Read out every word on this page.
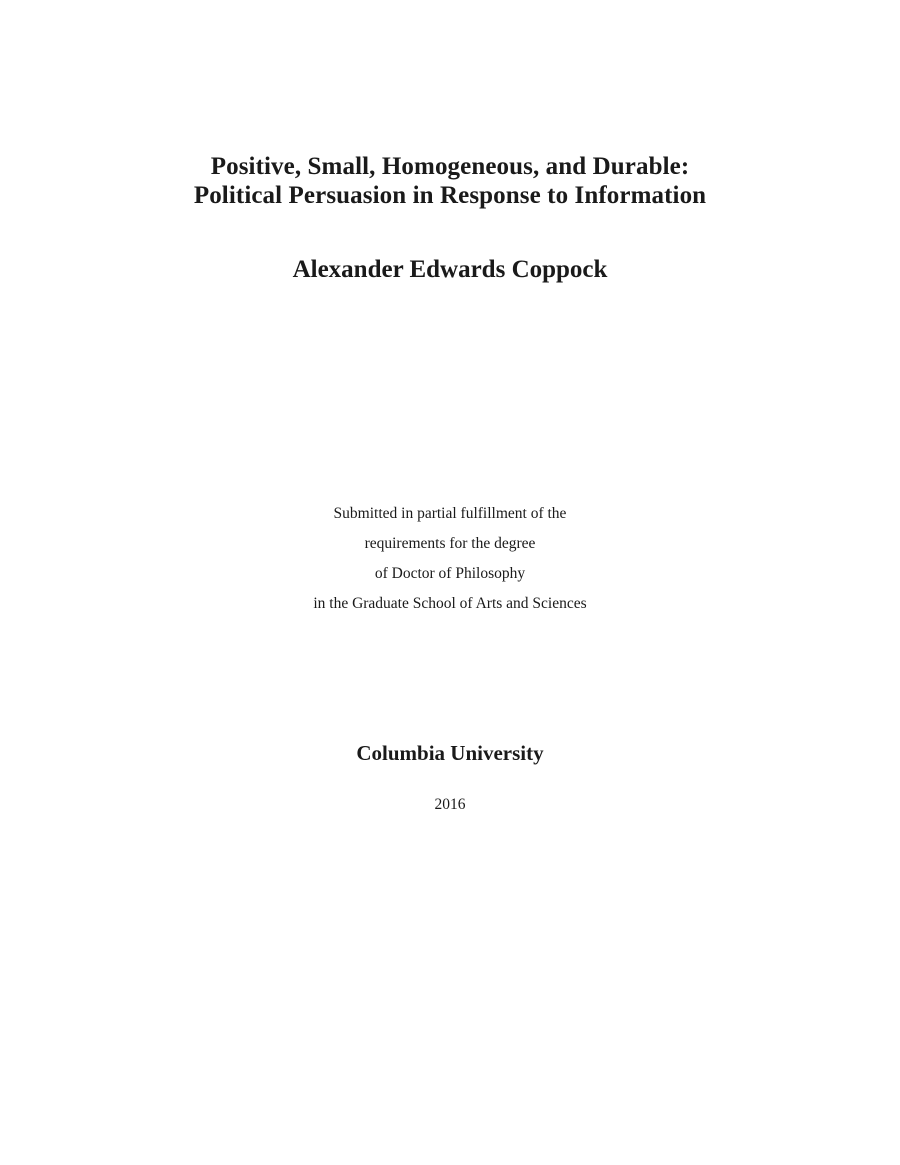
Positive, Small, Homogeneous, and Durable:
Political Persuasion in Response to Information
Alexander Edwards Coppock
Submitted in partial fulfillment of the
requirements for the degree
of Doctor of Philosophy
in the Graduate School of Arts and Sciences
Columbia University
2016
